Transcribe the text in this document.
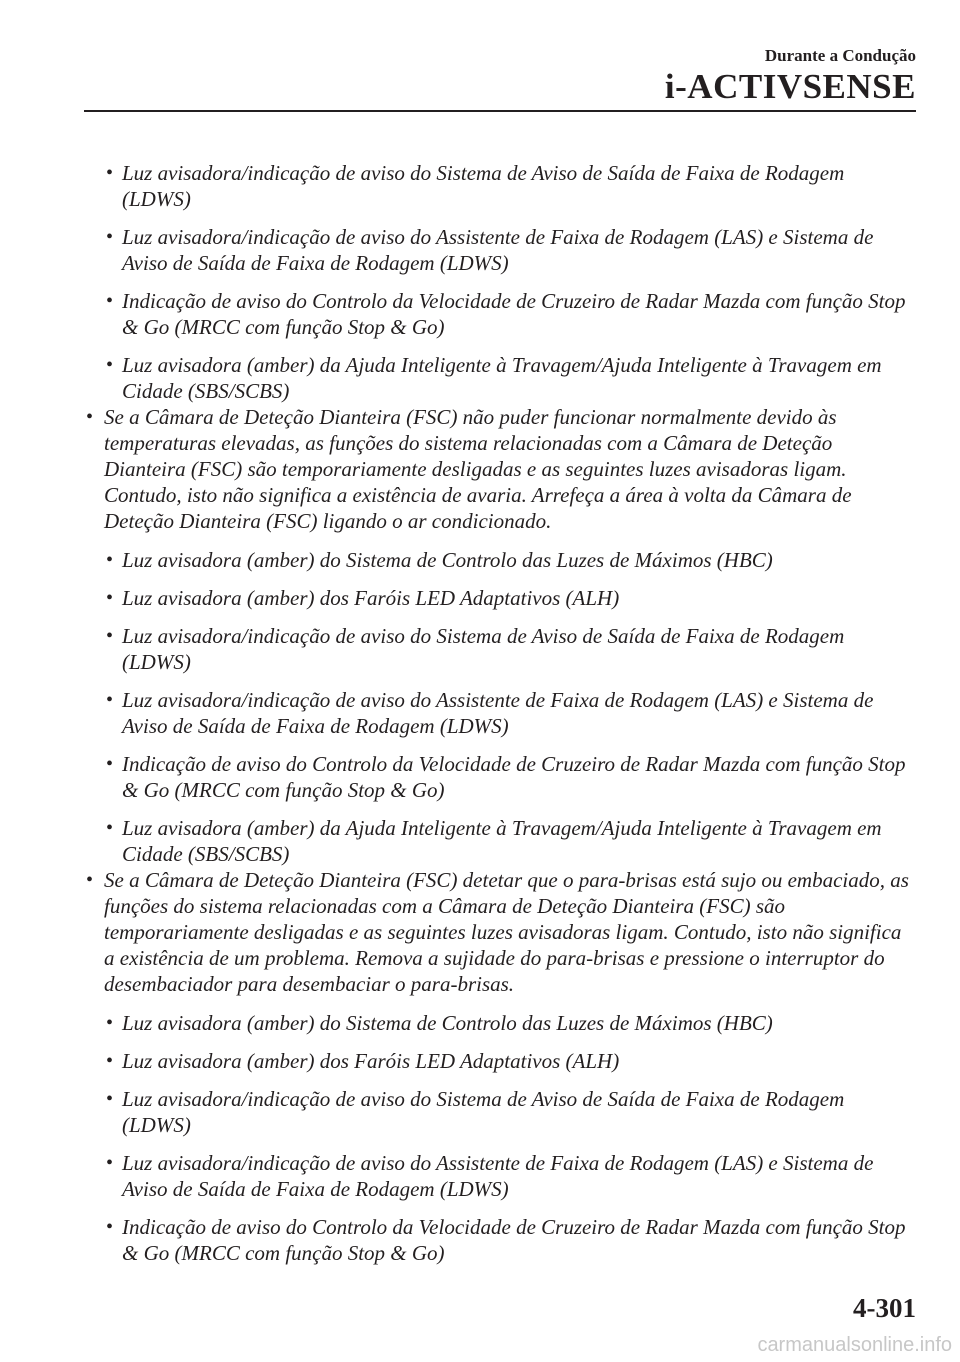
Durante a Condução
i-ACTIVSENSE
• Luz avisadora/indicação de aviso do Sistema de Aviso de Saída de Faixa de Rodagem (LDWS)
• Luz avisadora/indicação de aviso do Assistente de Faixa de Rodagem (LAS) e Sistema de Aviso de Saída de Faixa de Rodagem (LDWS)
• Indicação de aviso do Controlo da Velocidade de Cruzeiro de Radar Mazda com função Stop & Go (MRCC com função Stop & Go)
• Luz avisadora (amber) da Ajuda Inteligente à Travagem/Ajuda Inteligente à Travagem em Cidade (SBS/SCBS)
• Se a Câmara de Deteção Dianteira (FSC) não puder funcionar normalmente devido às temperaturas elevadas, as funções do sistema relacionadas com a Câmara de Deteção Dianteira (FSC) são temporariamente desligadas e as seguintes luzes avisadoras ligam. Contudo, isto não significa a existência de avaria. Arrefeça a área à volta da Câmara de Deteção Dianteira (FSC) ligando o ar condicionado.
• Luz avisadora (amber) do Sistema de Controlo das Luzes de Máximos (HBC)
• Luz avisadora (amber) dos Faróis LED Adaptativos (ALH)
• Luz avisadora/indicação de aviso do Sistema de Aviso de Saída de Faixa de Rodagem (LDWS)
• Luz avisadora/indicação de aviso do Assistente de Faixa de Rodagem (LAS) e Sistema de Aviso de Saída de Faixa de Rodagem (LDWS)
• Indicação de aviso do Controlo da Velocidade de Cruzeiro de Radar Mazda com função Stop & Go (MRCC com função Stop & Go)
• Luz avisadora (amber) da Ajuda Inteligente à Travagem/Ajuda Inteligente à Travagem em Cidade (SBS/SCBS)
• Se a Câmara de Deteção Dianteira (FSC) detetar que o para-brisas está sujo ou embaciado, as funções do sistema relacionadas com a Câmara de Deteção Dianteira (FSC) são temporariamente desligadas e as seguintes luzes avisadoras ligam. Contudo, isto não significa a existência de um problema. Remova a sujidade do para-brisas e pressione o interruptor do desembaciador para desembaciar o para-brisas.
• Luz avisadora (amber) do Sistema de Controlo das Luzes de Máximos (HBC)
• Luz avisadora (amber) dos Faróis LED Adaptativos (ALH)
• Luz avisadora/indicação de aviso do Sistema de Aviso de Saída de Faixa de Rodagem (LDWS)
• Luz avisadora/indicação de aviso do Assistente de Faixa de Rodagem (LAS) e Sistema de Aviso de Saída de Faixa de Rodagem (LDWS)
• Indicação de aviso do Controlo da Velocidade de Cruzeiro de Radar Mazda com função Stop & Go (MRCC com função Stop & Go)
4-301
carmanualsonline.info
